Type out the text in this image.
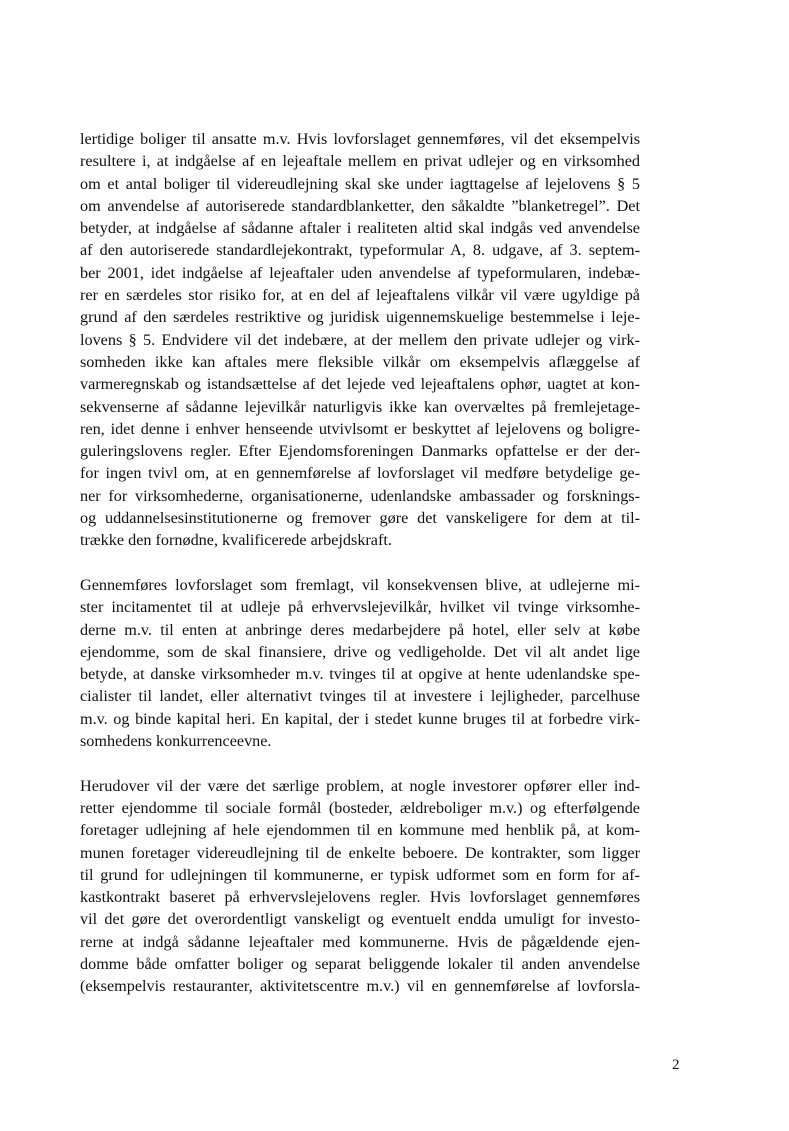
lertidige boliger til ansatte m.v. Hvis lovforslaget gennemføres, vil det eksempelvis

resultere i, at indgåelse af en lejeaftale mellem en privat udlejer og en virksomhed

om et antal boliger til videreudlejning skal ske under iagttagelse af lejelovens § 5

om anvendelse af autoriserede standardblanketter, den såkaldte ”blanketregel”. Det

betyder, at indgåelse af sådanne aftaler i realiteten altid skal indgås ved anvendelse

af den autoriserede standardlejekontrakt, typeformular A, 8. udgave, af 3. septem-

ber 2001, idet indgåelse af lejeaftaler uden anvendelse af typeformularen, indebæ-

rer en særdeles stor risiko for, at en del af lejeaftalens vilkår vil være ugyldige på

grund af den særdeles restriktive og juridisk uigennemskuelige bestemmelse i leje-

lovens § 5. Endvidere vil det indebære, at der mellem den private udlejer og virk-

somheden ikke kan aftales mere fleksible vilkår om eksempelvis aflæggelse af

varmeregnskab og istandsættelse af det lejede ved lejeaftalens ophør, uagtet at kon-

sekvenserne af sådanne lejevilkår naturligvis ikke kan overvæltes på fremlejetage-

ren, idet denne i enhver henseende utvivlsomt er beskyttet af lejelovens og boligre-

guleringslovens regler. Efter Ejendomsforeningen Danmarks opfattelse er der der-

for ingen tvivl om, at en gennemførelse af lovforslaget vil medføre betydelige ge-

ner for virksomhederne, organisationerne, udenlandske ambassader og forsknings-

og uddannelsesinstitutionerne og fremover gøre det vanskeligere for dem at til-

trække den fornødne, kvalificerede arbejdskraft.

Gennemføres lovforslaget som fremlagt, vil konsekvensen blive, at udlejerne mi-

ster incitamentet til at udleje på erhvervslejevilkår, hvilket vil tvinge virksomhe-

derne m.v. til enten at anbringe deres medarbejdere på hotel, eller selv at købe

ejendomme, som de skal finansiere, drive og vedligeholde. Det vil alt andet lige

betyde, at danske virksomheder m.v. tvinges til at opgive at hente udenlandske spe-

cialister til landet, eller alternativt tvinges til at investere i lejligheder, parcelhuse

m.v. og binde kapital heri. En kapital, der i stedet kunne bruges til at forbedre virk-

somhedens konkurrenceevne.

Herudover vil der være det særlige problem, at nogle investorer opfører eller ind-

retter ejendomme til sociale formål (bosteder, ældreboliger m.v.) og efterfølgende

foretager udlejning af hele ejendommen til en kommune med henblik på, at kom-

munen foretager videreudlejning til de enkelte beboere. De kontrakter, som ligger

til grund for udlejningen til kommunerne, er typisk udformet som en form for af-

kastkontrakt baseret på erhvervslejelovens regler. Hvis lovforslaget gennemføres

vil det gøre det overordentligt vanskeligt og eventuelt endda umuligt for investo-

rerne at indgå sådanne lejeaftaler med kommunerne. Hvis de pågældende ejen-

domme både omfatter boliger og separat beliggende lokaler til anden anvendelse

(eksempelvis restauranter, aktivitetscentre m.v.) vil en gennemførelse af lovforsla-

2
